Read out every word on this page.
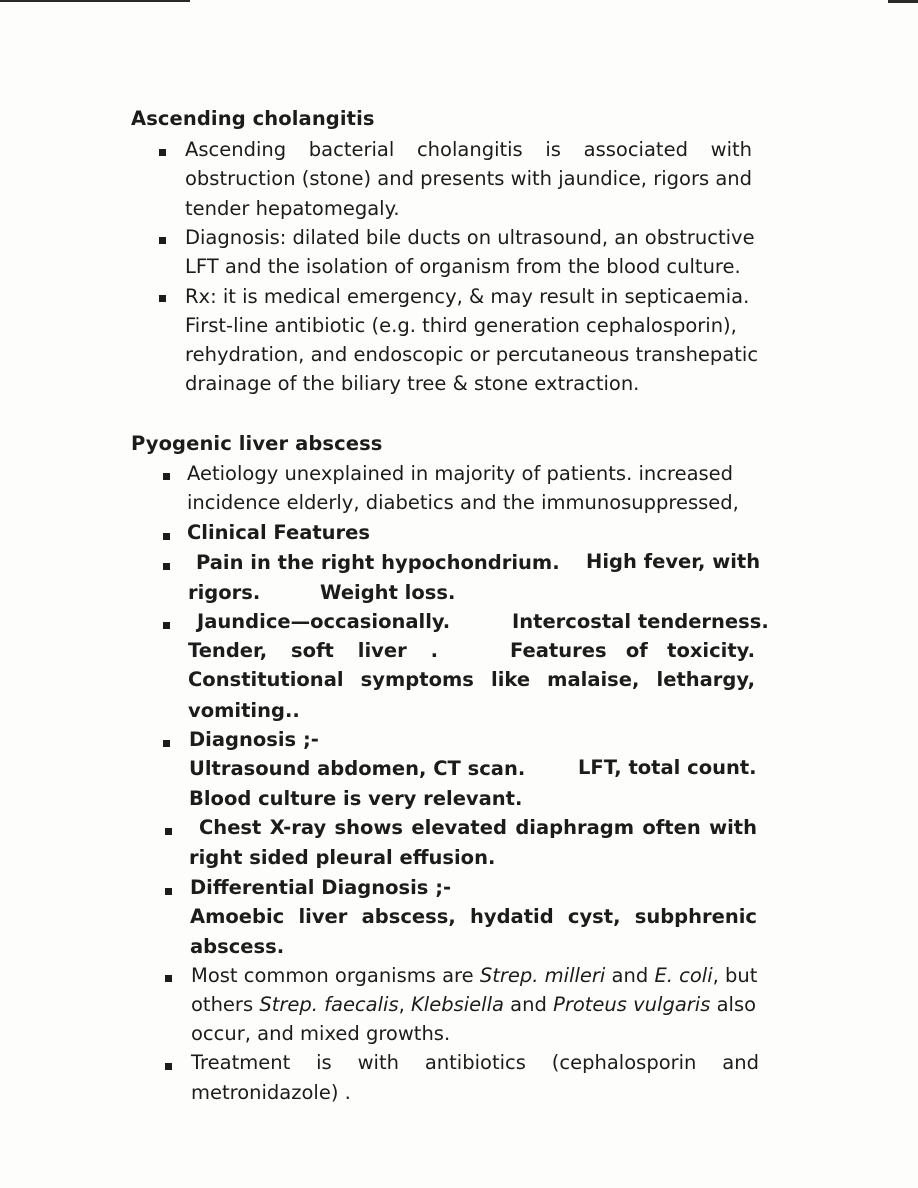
Ascending cholangitis
Ascending bacterial cholangitis is associated with
obstruction (stone) and presents with jaundice, rigors and
tender hepatomegaly.
Diagnosis: dilated bile ducts on ultrasound, an obstructive
LFT and the isolation of organism from the blood culture.
Rx: it is medical emergency, & may result in septicaemia.
First-line antibiotic (e.g. third generation cephalosporin),
rehydration, and endoscopic or percutaneous transhepatic
drainage of the biliary tree & stone extraction.
Pyogenic liver abscess
Aetiology unexplained in majority of patients. increased
incidence elderly, diabetics and the immunosuppressed,
Clinical Features
Pain in the right hypochondrium. High fever, with
rigors.	Weight loss.
Jaundice—occasionally.	Intercostal tenderness.
Tender, soft liver .	Features of toxicity.
Constitutional symptoms like malaise, lethargy,
vomiting..
Diagnosis ;-
Ultrasound abdomen, CT scan.	LFT, total count.
Blood culture is very relevant.
Chest X-ray shows elevated diaphragm often with
right sided pleural effusion.
Differential Diagnosis ;-
Amoebic liver abscess, hydatid cyst, subphrenic
abscess.
Most common organisms are Strep. milleri and E. coli, but
others Strep. faecalis, Klebsiella and Proteus vulgaris also
occur, and mixed growths.
Treatment is with antibiotics (cephalosporin and
metronidazole) .
